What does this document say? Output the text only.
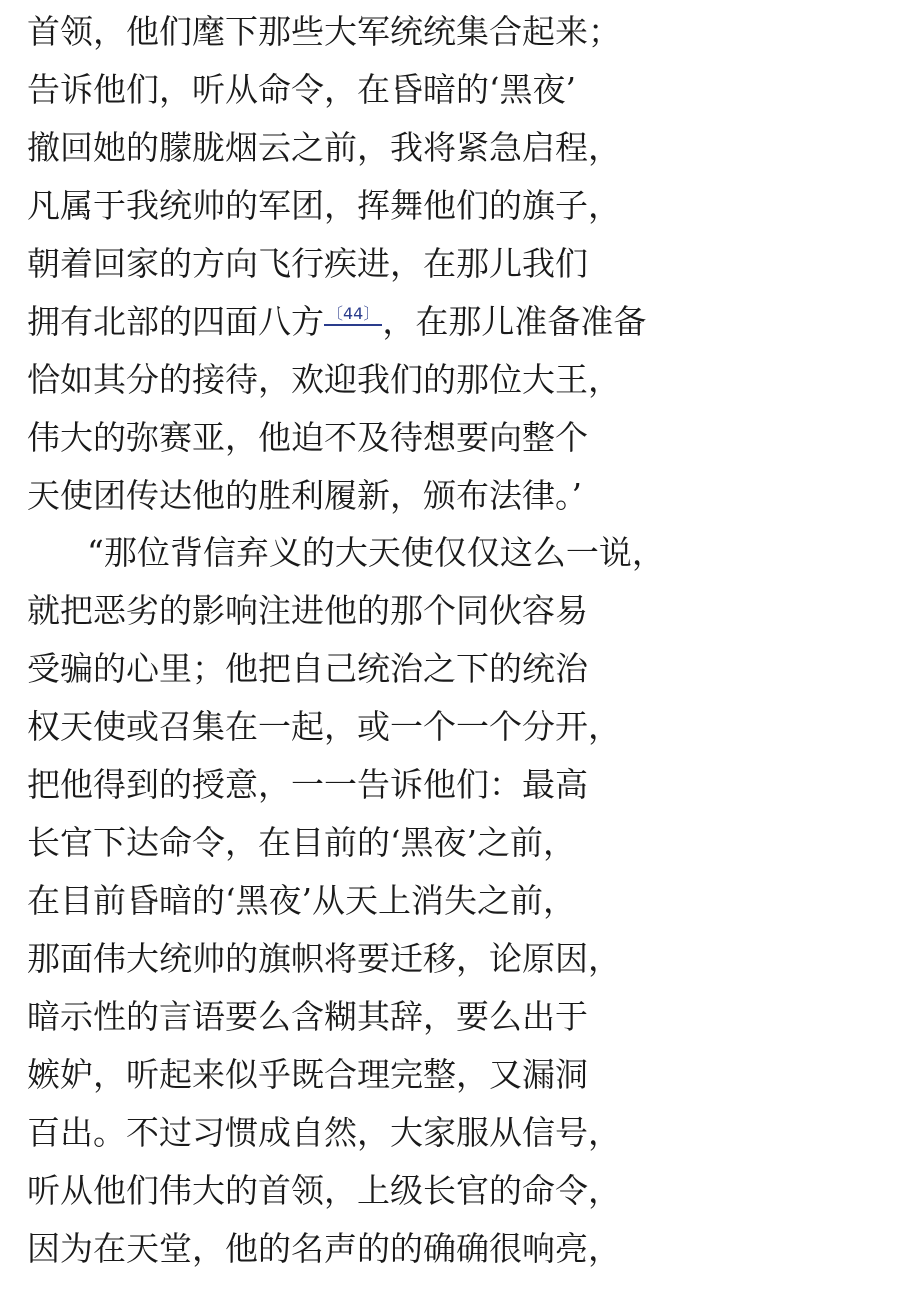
首领，他们麾下那些大军统统集合起来；
告诉他们，听从命令，在昏暗的‘黑夜’
撤回她的朦胧烟云之前，我将紧急启程，
凡属于我统帅的军团，挥舞他们的旗子，
朝着回家的方向飞行疾进，在那儿我们
拥有北部的四面八方 〔44〕，在那儿准备准备
恰如其分的接待，欢迎我们的那位大王，
伟大的弥赛亚，他迫不及待想要向整个
天使团传达他的胜利履新，颁布法律。’
“那位背信弃义的大天使仅仅这么一说，
就把恶劣的影响注进他的那个同伙容易
受骗的心里；他把自己统治之下的统治
权天使或召集在一起，或一个一个分开，
把他得到的授意，一一告诉他们：最高
长官下达命令，在目前的‘黑夜’之前，
在目前昏暗的‘黑夜’从天上消失之前，
那面伟大统帅的旗帜将要迁移，论原因，
暗示性的言语要么含糊其辞，要么出于
嫉妒，听起来似乎既合理完整，又漏洞
百出。不过习惯成自然，大家服从信号，
听从他们伟大的首领，上级长官的命令，
因为在天堂，他的名声的的确确很响亮，
